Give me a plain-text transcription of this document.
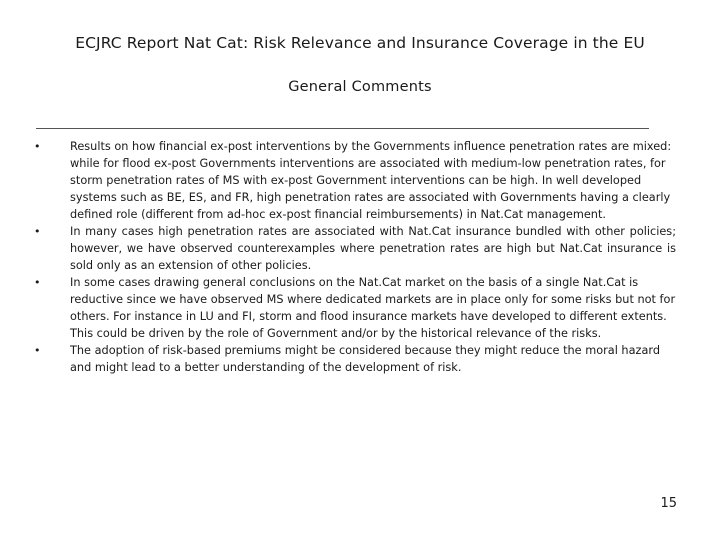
ECJRC Report Nat Cat: Risk Relevance and Insurance Coverage in the EU
General Comments
•	Results on how financial ex-post interventions by the Governments influence penetration rates are mixed: while for flood ex-post Governments interventions are associated with medium-low penetration rates, for storm penetration rates of MS with ex-post Government interventions can be high. In well developed systems such as BE, ES, and FR, high penetration rates are associated with Governments having a clearly defined role (different from ad-hoc ex-post financial reimbursements) in Nat.Cat management.
•	In many cases high penetration rates are associated with Nat.Cat insurance bundled with other policies; however, we have observed counterexamples where penetration rates are high but Nat.Cat insurance is sold only as an extension of other policies.
•	In some cases drawing general conclusions on the Nat.Cat market on the basis of a single Nat.Cat is reductive since we have observed MS where dedicated markets are in place only for some risks but not for others. For instance in LU and FI, storm and flood insurance markets have developed to different extents. This could be driven by the role of Government and/or by the historical relevance of the risks.
•	The adoption of risk-based premiums might be considered because they might reduce the moral hazard and might lead to a better understanding of the development of risk.
15
